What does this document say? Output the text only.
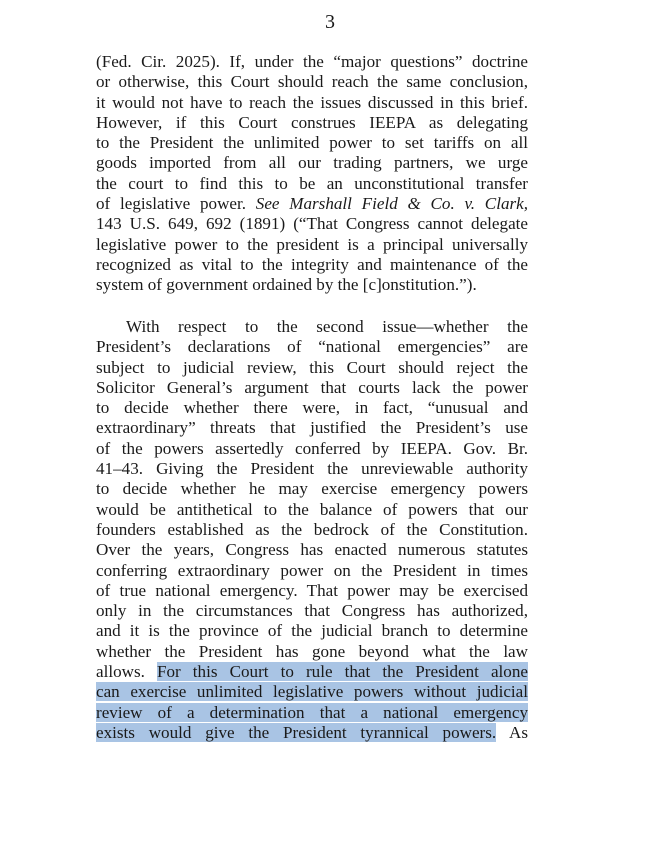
3
(Fed. Cir. 2025). If, under the “major questions” doctrine
or otherwise, this Court should reach the same conclusion,
it would not have to reach the issues discussed in this brief.
However, if this Court construes IEEPA as delegating
to the President the unlimited power to set tariffs on all
goods imported from all our trading partners, we urge
the court to find this to be an unconstitutional transfer
of legislative power. See Marshall Field & Co. v. Clark,
143 U.S. 649, 692 (1891) (“That Congress cannot delegate
legislative power to the president is a principal universally
recognized as vital to the integrity and maintenance of the
system of government ordained by the [c]onstitution.”).
With respect to the second issue—whether the
President’s declarations of “national emergencies” are
subject to judicial review, this Court should reject the
Solicitor General’s argument that courts lack the power
to decide whether there were, in fact, “unusual and
extraordinary” threats that justified the President’s use
of the powers assertedly conferred by IEEPA. Gov. Br.
41–43. Giving the President the unreviewable authority
to decide whether he may exercise emergency powers
would be antithetical to the balance of powers that our
founders established as the bedrock of the Constitution.
Over the years, Congress has enacted numerous statutes
conferring extraordinary power on the President in times
of true national emergency. That power may be exercised
only in the circumstances that Congress has authorized,
and it is the province of the judicial branch to determine
whether the President has gone beyond what the law
allows. For this Court to rule that the President alone
can exercise unlimited legislative powers without judicial
review of a determination that a national emergency
exists would give the President tyrannical powers. As
